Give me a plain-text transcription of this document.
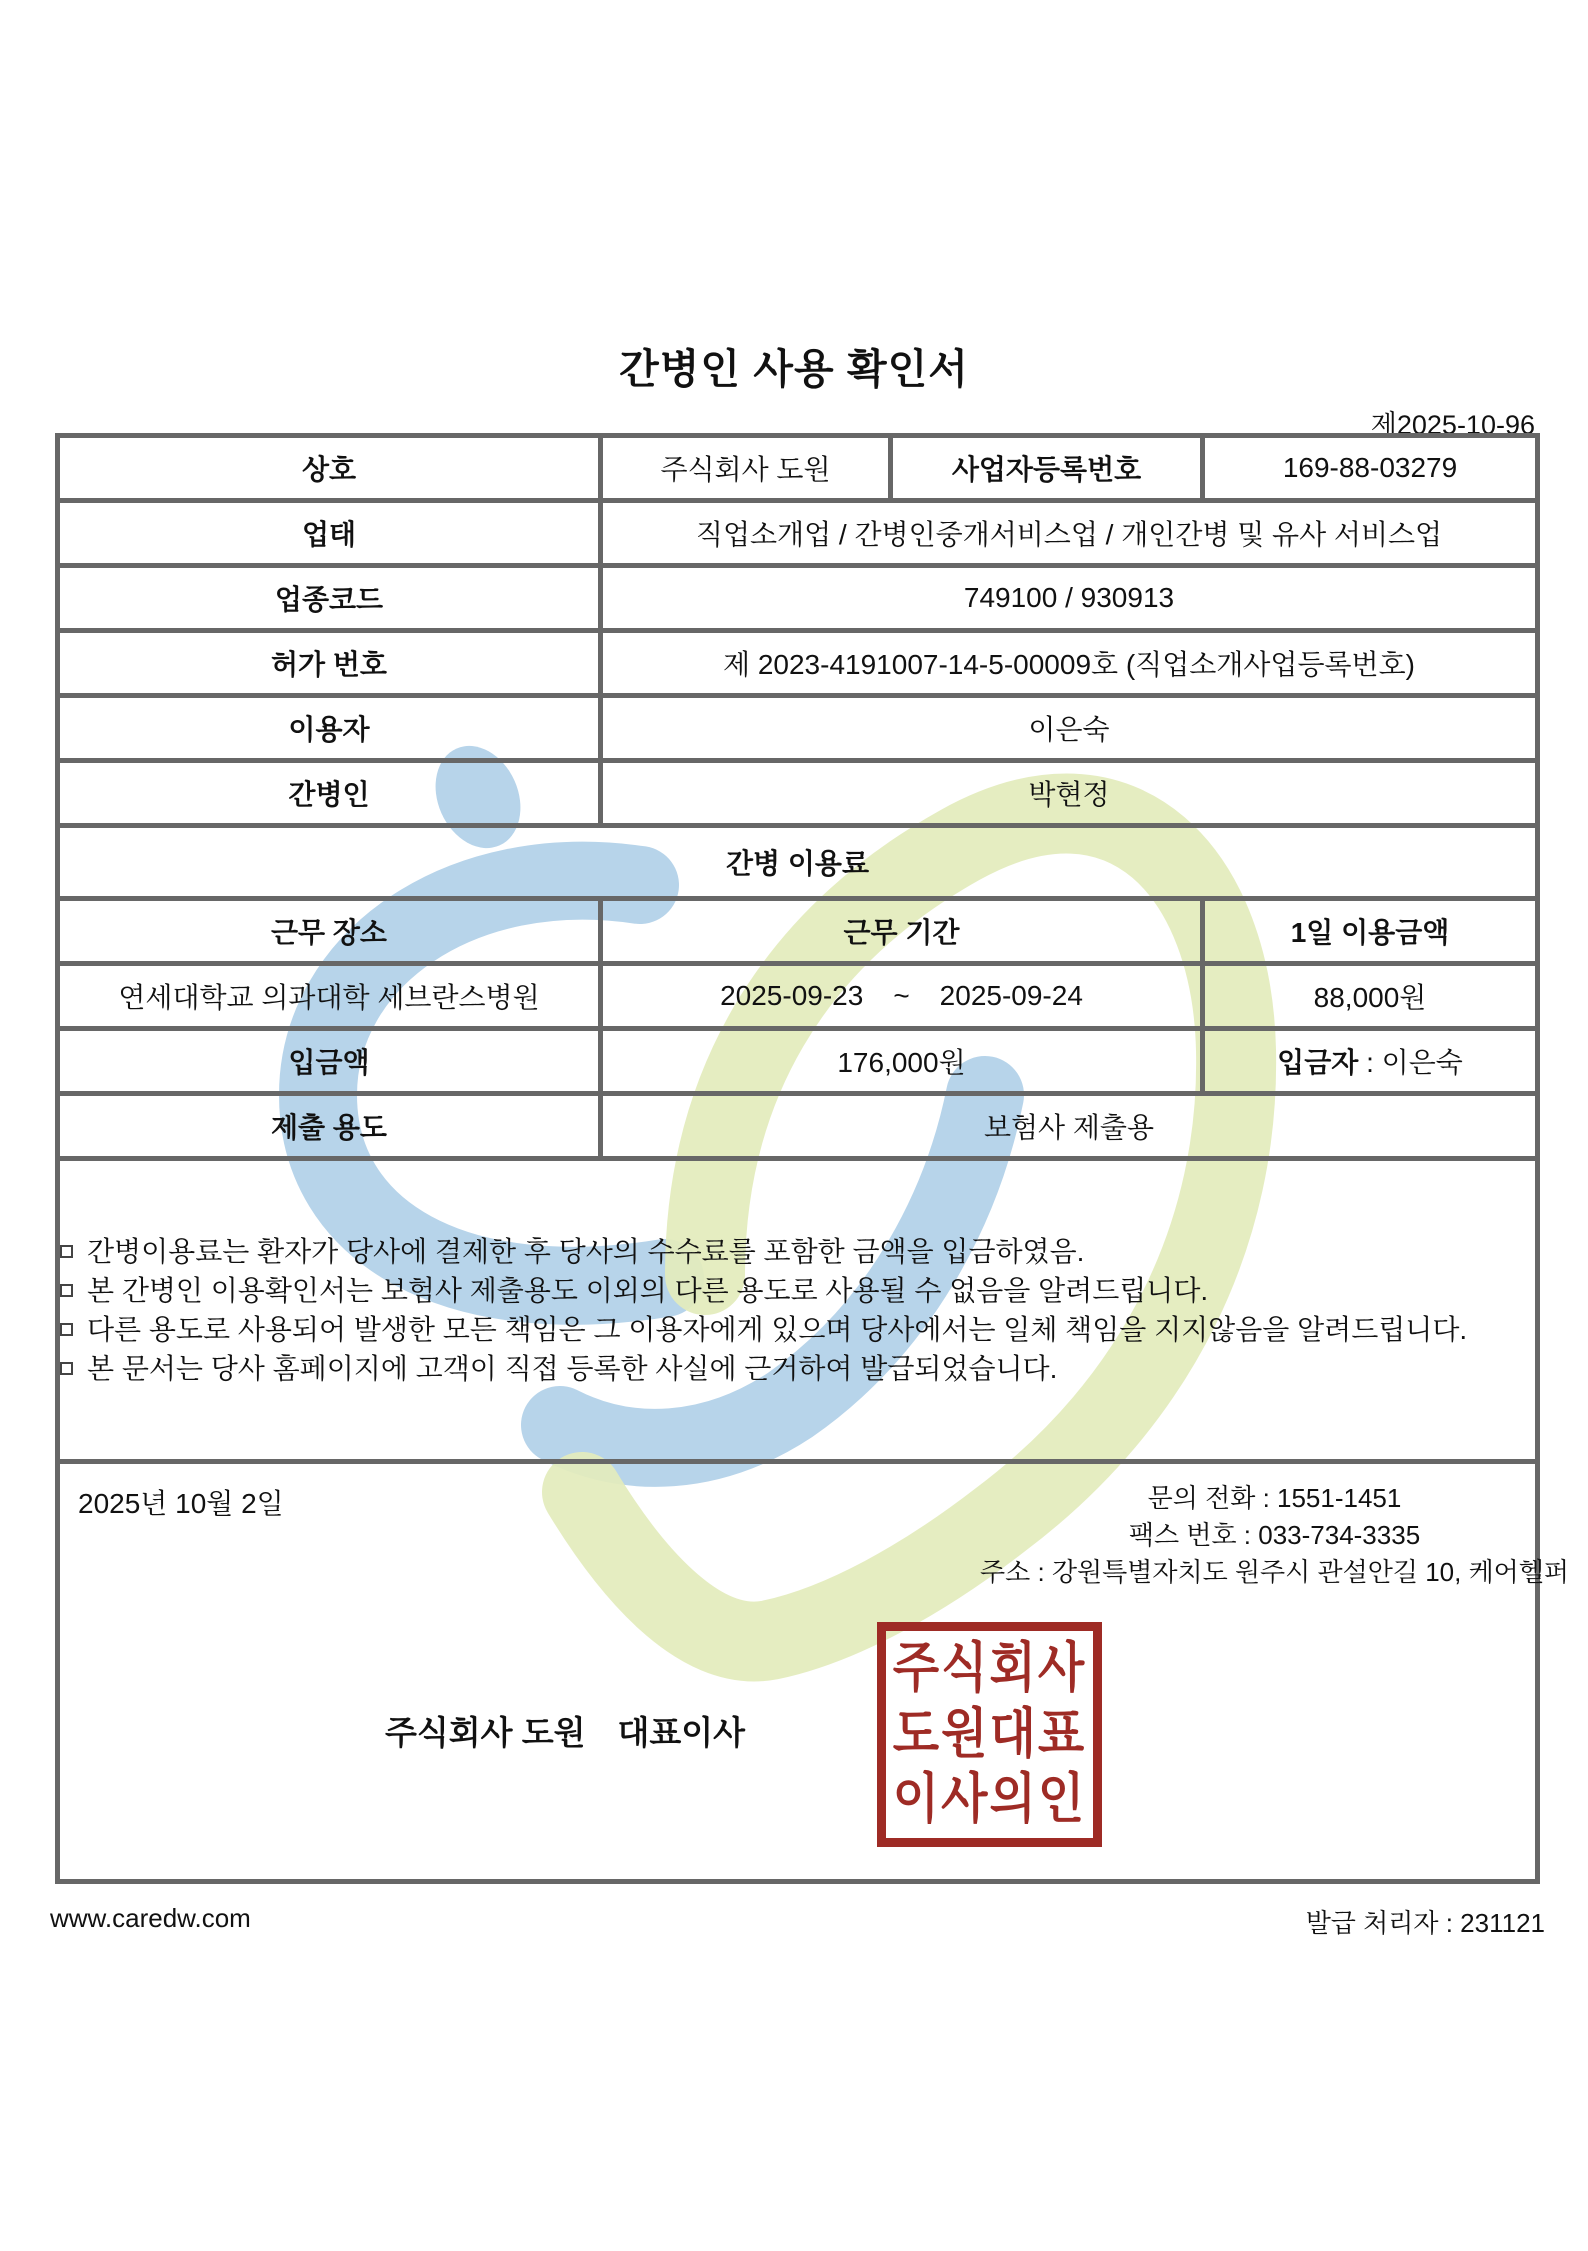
간병인 사용 확인서
제2025-10-96
상호	주식회사 도원	사업자등록번호	169-88-03279
업태	직업소개업 / 간병인중개서비스업 / 개인간병 및 유사 서비스업		
업종코드	749100 / 930913		
허가 번호	제 2023-4191007-14-5-00009호 (직업소개사업등록번호)		
이용자	이은숙		
간병인	박현정		
간병 이용료			
근무 장소	근무 기간		1일 이용금액
연세대학교 의과대학 세브란스병원	2025-09-23 ~ 2025-09-24		88,000원
입금액	176,000원		입금자 : 이은숙
제출 용도	보험사 제출용		

간병이용료는 환자가 당사에 결제한 후 당사의 수수료를 포함한 금액을 입금하였음.
본 간병인 이용확인서는 보험사 제출용도 이외의 다른 용도로 사용될 수 없음을 알려드립니다.
다른 용도로 사용되어 발생한 모든 책임은 그 이용자에게 있으며 당사에서는 일체 책임을 지지않음을 알려드립니다.
본 문서는 당사 홈페이지에 고객이 직접 등록한 사실에 근거하여 발급되었습니다.			

2025년 10월 2일	문의 전화 : 1551-1451
팩스 번호 : 033-734-3335
주소 : 강원특별자치도 원주시 관설안길 10, 케어헬퍼
주식회사 도원 대표이사
주식회사
도원대표
이사의인
www.caredw.com	발급 처리자 : 231121
